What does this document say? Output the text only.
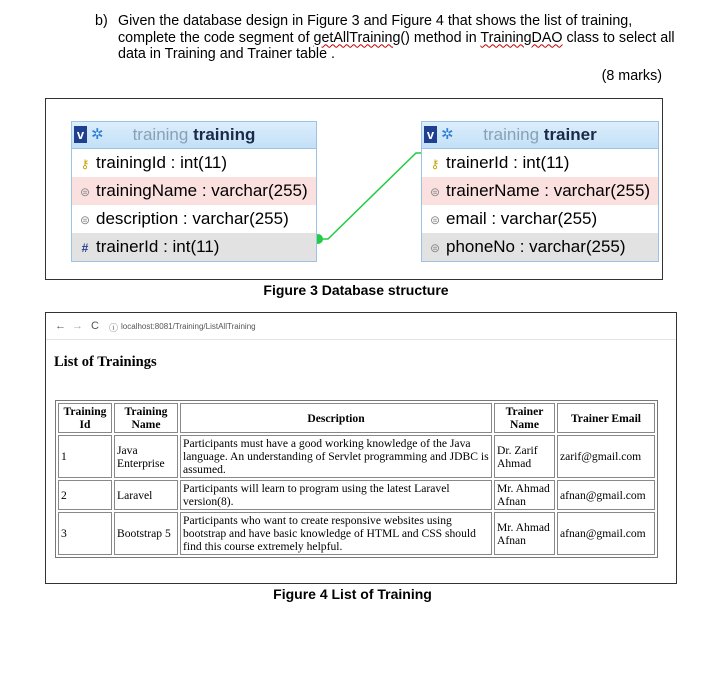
b) Given the database design in Figure 3 and Figure 4 that shows the list of training, complete the code segment of getAllTraining() method in TrainingDAO class to select all data in Training and Trainer table .
(8 marks)
v ✲	training training
⚷ trainingId : int(11)
⊜ trainingName : varchar(255)
⊜ description : varchar(255)
# trainerId : int(11)
v ✲	training trainer
⚷ trainerId : int(11)
⊜ trainerName : varchar(255)
⊜ email : varchar(255)
⊜ phoneNo : varchar(255)
Figure 3 Database structure
← → C ⓘ localhost:8081/Training/ListAllTraining
List of Trainings
Training Id	Training Name	Description	Trainer Name	Trainer Email
1	Java Enterprise	Participants must have a good working knowledge of the Java language. An understanding of Servlet programming and JDBC is assumed.	Dr. Zarif Ahmad	zarif@gmail.com
2	Laravel	Participants will learn to program using the latest Laravel version(8).	Mr. Ahmad Afnan	afnan@gmail.com
3	Bootstrap 5	Participants who want to create responsive websites using bootstrap and have basic knowledge of HTML and CSS should find this course extremely helpful.	Mr. Ahmad Afnan	afnan@gmail.com
Figure 4 List of Training
